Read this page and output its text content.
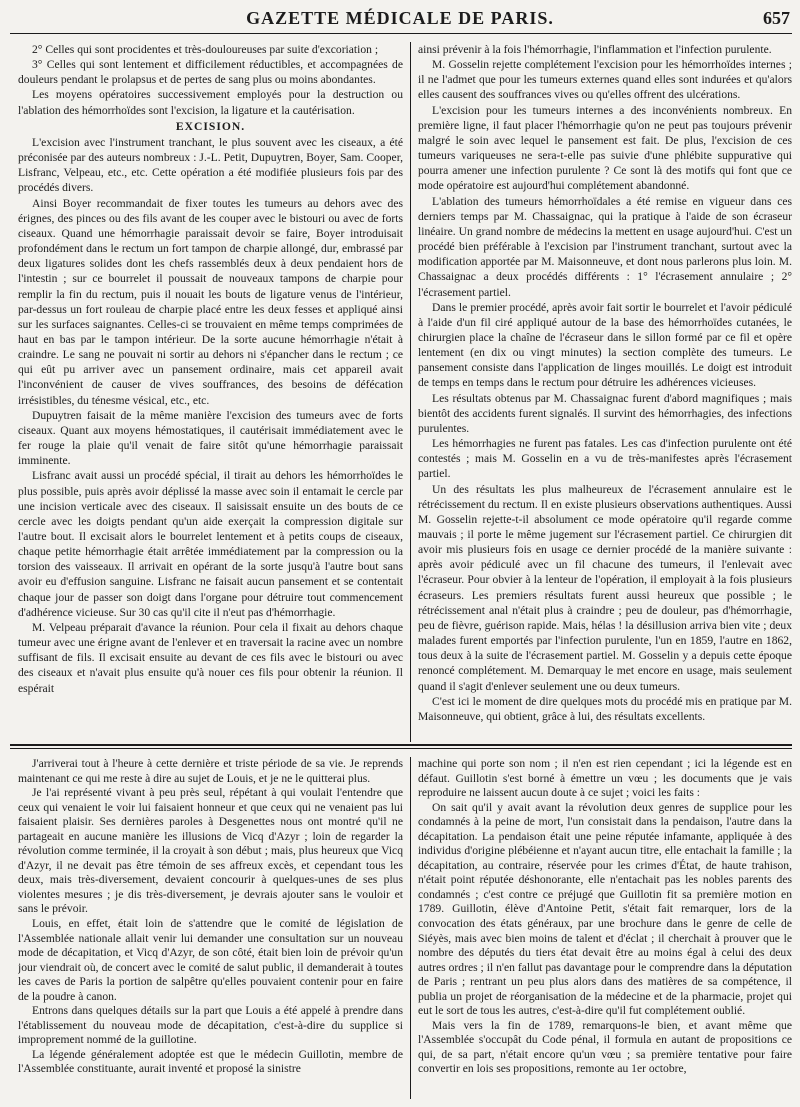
GAZETTE MÉDICALE DE PARIS.	657

2° Celles qui sont procidentes et très-douloureuses par suite d'excoriation ;

3° Celles qui sont lentement et difficilement réductibles, et accompagnées de douleurs pendant le prolapsus et de pertes de sang plus ou moins abondantes.

Les moyens opératoires successivement employés pour la destruction ou l'ablation des hémorrhoïdes sont l'excision, la ligature et la cautérisation.

EXCISION.

L'excision avec l'instrument tranchant, le plus souvent avec les ciseaux, a été préconisée par des auteurs nombreux : J.-L. Petit, Dupuytren, Boyer, Sam. Cooper, Lisfranc, Velpeau, etc., etc. Cette opération a été modifiée plusieurs fois par des procédés divers.

Ainsi Boyer recommandait de fixer toutes les tumeurs au dehors avec des érignes, des pinces ou des fils avant de les couper avec le bistouri ou avec de forts ciseaux. Quand une hémorrhagie paraissait devoir se faire, Boyer introduisait profondément dans le rectum un fort tampon de charpie allongé, dur, embrassé par deux ligatures solides dont les chefs rassemblés deux à deux pendaient hors de l'intestin ; sur ce bourrelet il poussait de nouveaux tampons de charpie pour remplir la fin du rectum, puis il nouait les bouts de ligature venus de l'intérieur, par-dessus un fort rouleau de charpie placé entre les deux fesses et appliqué ainsi sur les surfaces saignantes. Celles-ci se trouvaient en même temps comprimées de haut en bas par le tampon intérieur. De la sorte aucune hémorrhagie n'était à craindre. Le sang ne pouvait ni sortir au dehors ni s'épancher dans le rectum ; ce qui eût pu arriver avec un pansement ordinaire, mais cet appareil avait l'inconvénient de causer de vives souffrances, des besoins de défécation irrésistibles, du ténesme vésical, etc., etc.

Dupuytren faisait de la même manière l'excision des tumeurs avec de forts ciseaux. Quant aux moyens hémostatiques, il cautérisait immédiatement avec le fer rouge la plaie qu'il venait de faire sitôt qu'une hémorrhagie paraissait imminente.

Lisfranc avait aussi un procédé spécial, il tirait au dehors les hémorrhoïdes le plus possible, puis après avoir déplissé la masse avec soin il entamait le cercle par une incision verticale avec des ciseaux. Il saisissait ensuite un des bouts de ce cercle avec les doigts pendant qu'un aide exerçait la compression digitale sur l'autre bout. Il excisait alors le bourrelet lentement et à petits coups de ciseaux, chaque petite hémorrhagie était arrêtée immédiatement par la compression ou la torsion des vaisseaux. Il arrivait en opérant de la sorte jusqu'à l'autre bout sans avoir eu d'effusion sanguine. Lisfranc ne faisait aucun pansement et se contentait chaque jour de passer son doigt dans l'organe pour détruire tout commencement d'adhérence vicieuse. Sur 30 cas qu'il cite il n'eut pas d'hémorrhagie.

M. Velpeau préparait d'avance la réunion. Pour cela il fixait au dehors chaque tumeur avec une érigne avant de l'enlever et en traversait la racine avec un nombre suffisant de fils. Il excisait ensuite au devant de ces fils avec le bistouri ou avec des ciseaux et n'avait plus ensuite qu'à nouer ces fils pour obtenir la réunion. Il espérait

ainsi prévenir à la fois l'hémorrhagie, l'inflammation et l'infection purulente.

M. Gosselin rejette complétement l'excision pour les hémorrhoïdes internes ; il ne l'admet que pour les tumeurs externes quand elles sont indurées et qu'alors elles causent des souffrances vives ou qu'elles offrent des ulcérations.

L'excision pour les tumeurs internes a des inconvénients nombreux. En première ligne, il faut placer l'hémorrhagie qu'on ne peut pas toujours prévenir malgré le soin avec lequel le pansement est fait. De plus, l'excision de ces tumeurs variqueuses ne sera-t-elle pas suivie d'une phlébite suppurative qui pourra amener une infection purulente ? Ce sont là des motifs qui font que ce mode opératoire est aujourd'hui complétement abandonné.

L'ablation des tumeurs hémorrhoïdales a été remise en vigueur dans ces derniers temps par M. Chassaignac, qui la pratique à l'aide de son écraseur linéaire. Un grand nombre de médecins la mettent en usage aujourd'hui. C'est un procédé bien préférable à l'excision par l'instrument tranchant, surtout avec la modification apportée par M. Maisonneuve, et dont nous parlerons plus loin. M. Chassaignac a deux procédés différents : 1° l'écrasement annulaire ; 2° l'écrasement partiel.

Dans le premier procédé, après avoir fait sortir le bourrelet et l'avoir pédiculé à l'aide d'un fil ciré appliqué autour de la base des hémorrhoïdes cutanées, le chirurgien place la chaîne de l'écraseur dans le sillon formé par ce fil et opère lentement (en dix ou vingt minutes) la section complète des tumeurs. Le pansement consiste dans l'application de linges mouillés. Le doigt est introduit de temps en temps dans le rectum pour détruire les adhérences vicieuses.

Les résultats obtenus par M. Chassaignac furent d'abord magnifiques ; mais bientôt des accidents furent signalés. Il survint des hémorrhagies, des infections purulentes.

Les hémorrhagies ne furent pas fatales. Les cas d'infection purulente ont été contestés ; mais M. Gosselin en a vu de très-manifestes après l'écrasement partiel.

Un des résultats les plus malheureux de l'écrasement annulaire est le rétrécissement du rectum. Il en existe plusieurs observations authentiques. Aussi M. Gosselin rejette-t-il absolument ce mode opératoire qu'il regarde comme mauvais ; il porte le même jugement sur l'écrasement partiel. Ce chirurgien dit avoir mis plusieurs fois en usage ce dernier procédé de la manière suivante : après avoir pédiculé avec un fil chacune des tumeurs, il l'enlevait avec l'écraseur. Pour obvier à la lenteur de l'opération, il employait à la fois plusieurs écraseurs. Les premiers résultats furent aussi heureux que possible ; le rétrécissement anal n'était plus à craindre ; peu de douleur, pas d'hémorrhagie, peu de fièvre, guérison rapide. Mais, hélas ! la désillusion arriva bien vite ; deux malades furent emportés par l'infection purulente, l'un en 1859, l'autre en 1862, tous deux à la suite de l'écrasement partiel. M. Gosselin y a depuis cette époque renoncé complétement. M. Demarquay le met encore en usage, mais seulement quand il s'agit d'enlever seulement une ou deux tumeurs.

C'est ici le moment de dire quelques mots du procédé mis en pratique par M. Maisonneuve, qui obtient, grâce à lui, des résultats excellents.

J'arriverai tout à l'heure à cette dernière et triste période de sa vie. Je reprends maintenant ce qui me reste à dire au sujet de Louis, et je ne le quitterai plus.

Je l'ai représenté vivant à peu près seul, répétant à qui voulait l'entendre que ceux qui venaient le voir lui faisaient honneur et que ceux qui ne venaient pas lui faisaient plaisir. Ses dernières paroles à Desgenettes nous ont montré qu'il ne partageait en aucune manière les illusions de Vicq d'Azyr ; loin de regarder la révolution comme terminée, il la croyait à son début ; mais, plus heureux que Vicq d'Azyr, il ne devait pas être témoin de ses affreux excès, et cependant tous les deux, mais très-diversement, devaient concourir à quelques-unes de ses plus violentes mesures ; je dis très-diversement, je devrais ajouter sans le vouloir et sans le prévoir.

Louis, en effet, était loin de s'attendre que le comité de législation de l'Assemblée nationale allait venir lui demander une consultation sur un nouveau mode de décapitation, et Vicq d'Azyr, de son côté, était bien loin de prévoir qu'un jour viendrait où, de concert avec le comité de salut public, il demanderait à toutes les caves de Paris la portion de salpêtre qu'elles pouvaient contenir pour en faire de la poudre à canon.

Entrons dans quelques détails sur la part que Louis a été appelé à prendre dans l'établissement du nouveau mode de décapitation, c'est-à-dire du supplice si improprement nommé de la guillotine.

La légende généralement adoptée est que le médecin Guillotin, membre de l'Assemblée constituante, aurait inventé et proposé la sinistre

machine qui porte son nom ; il n'en est rien cependant ; ici la légende est en défaut. Guillotin s'est borné à émettre un vœu ; les documents que je vais reproduire ne laissent aucun doute à ce sujet ; voici les faits :

On sait qu'il y avait avant la révolution deux genres de supplice pour les condamnés à la peine de mort, l'un consistait dans la pendaison, l'autre dans la décapitation. La pendaison était une peine réputée infamante, appliquée à des individus d'origine plébéienne et n'ayant aucun titre, elle entachait la famille ; la décapitation, au contraire, réservée pour les crimes d'État, de haute trahison, n'était point réputée déshonorante, elle n'entachait pas les nobles parents des condamnés ; c'est contre ce préjugé que Guillotin fit sa première motion en 1789. Guillotin, élève d'Antoine Petit, s'était fait remarquer, lors de la convocation des états généraux, par une brochure dans le genre de celle de Siéyès, mais avec bien moins de talent et d'éclat ; il cherchait à prouver que le nombre des députés du tiers état devait être au moins égal à celui des deux autres ordres ; il n'en fallut pas davantage pour le comprendre dans la députation de Paris ; rentrant un peu plus alors dans des matières de sa compétence, il publia un projet de réorganisation de la médecine et de la pharmacie, projet qui eut le sort de tous les autres, c'est-à-dire qu'il fut complétement oublié.

Mais vers la fin de 1789, remarquons-le bien, et avant même que l'Assemblée s'occupât du Code pénal, il formula en autant de propositions ce qui, de sa part, n'était encore qu'un vœu ; sa première tentative pour faire convertir en lois ses propositions, remonte au 1er octobre,
